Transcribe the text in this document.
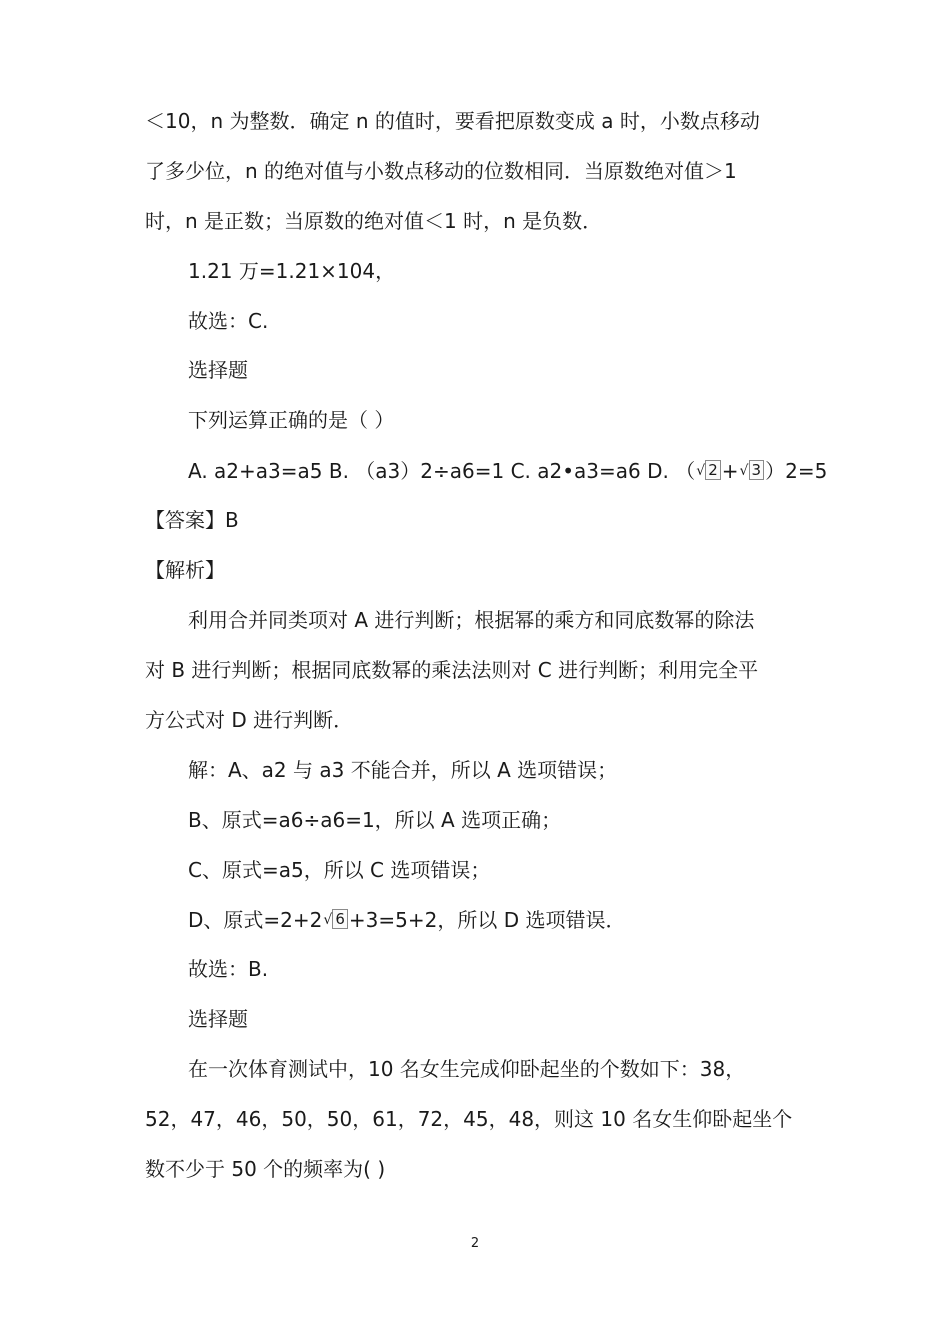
＜10，n 为整数．确定 n 的值时，要看把原数变成 a 时，小数点移动
了多少位，n 的绝对值与小数点移动的位数相同．当原数绝对值＞1
时，n 是正数；当原数的绝对值＜1 时，n 是负数．
1.21 万=1.21×104，
故选：C.
选择题
下列运算正确的是（ ）
A. a2+a3=a5 B. （a3）2÷a6=1 C. a2•a3=a6 D. （ √ 2 + √ 3 ）2=5
【答案】B
【解析】
利用合并同类项对 A 进行判断；根据幂的乘方和同底数幂的除法
对 B 进行判断；根据同底数幂的乘法法则对 C 进行判断；利用完全平
方公式对 D 进行判断．
解：A、a2 与 a3 不能合并，所以 A 选项错误；
B、原式=a6÷a6=1，所以 A 选项正确；
C、原式=a5，所以 C 选项错误；
D、原式=2+2 √ 6 +3=5+2，所以 D 选项错误．
故选：B.
选择题
在一次体育测试中，10 名女生完成仰卧起坐的个数如下：38，
52，47，46，50，50，61，72，45，48，则这 10 名女生仰卧起坐个
数不少于 50 个的频率为( )
2
